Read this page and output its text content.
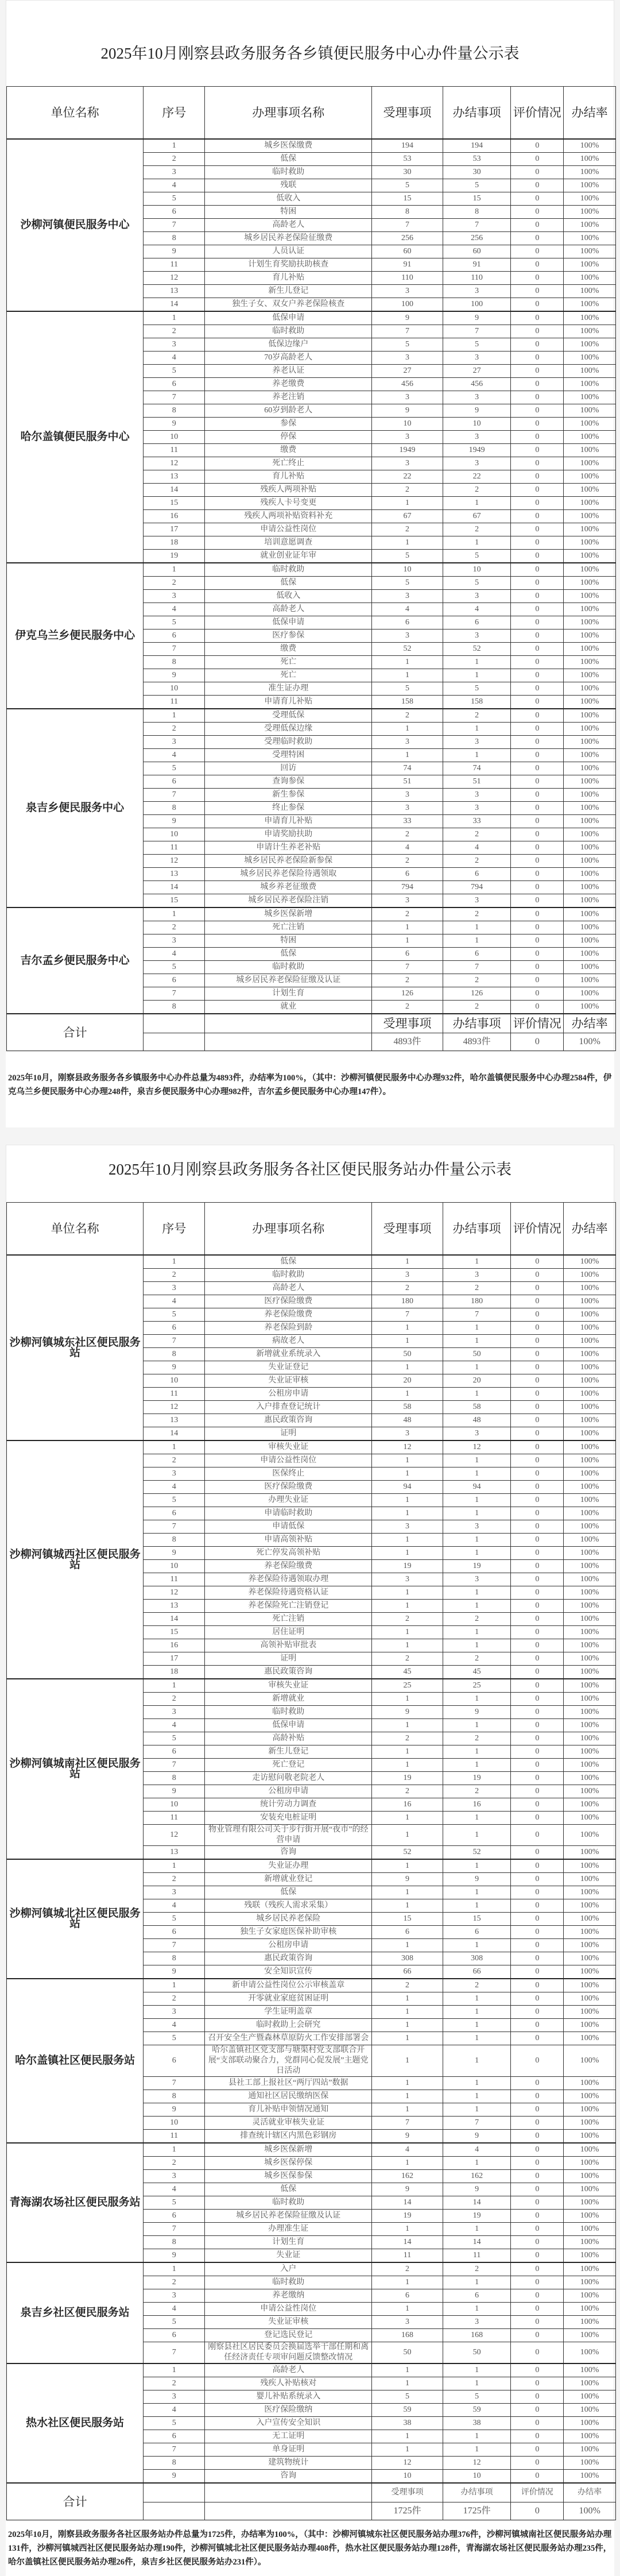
2025年10月刚察县政务服务各乡镇便民服务中心办件量公示表
单位名称	序号	办理事项名称	受理事项	办结事项	评价情况	办结率
沙柳河镇便民服务中心	1	城乡医保缴费	194	194	0	100%
	2	低保	53	53	0	100%
	3	临时救助	30	30	0	100%
	4	残联	5	5	0	100%
	5	低收入	15	15	0	100%
	6	特困	8	8	0	100%
	7	高龄老人	7	7	0	100%
	8	城乡居民养老保险征缴费	256	256	0	100%
	9	人员认证	60	60	0	100%
	11	计划生育奖励扶助核查	91	91	0	100%
	12	育儿补贴	110	110	0	100%
	13	新生儿登记	3	3	0	100%
	14	独生子女、双女户养老保险核查	100	100	0	100%
哈尔盖镇便民服务中心	1	低保申请	9	9	0	100%
	2	临时救助	7	7	0	100%
	3	低保边缘户	5	5	0	100%
	4	70岁高龄老人	3	3	0	100%
	5	养老认证	27	27	0	100%
	6	养老缴费	456	456	0	100%
	7	养老注销	3	3	0	100%
	8	60岁到龄老人	9	9	0	100%
	9	参保	10	10	0	100%
	10	停保	3	3	0	100%
	11	缴费	1949	1949	0	100%
	12	死亡终止	3	3	0	100%
	13	育儿补贴	22	22	0	100%
	14	残疾人两项补贴	2	2	0	100%
	15	残疾人卡号变更	1	1	0	100%
	16	残疾人两项补贴资料补充	67	67	0	100%
	17	申请公益性岗位	2	2	0	100%
	18	培训意愿调查	1	1	0	100%
	19	就业创业证年审	5	5	0	100%
伊克乌兰乡便民服务中心	1	临时救助	10	10	0	100%
	2	低保	5	5	0	100%
	3	低收入	3	3	0	100%
	4	高龄老人	4	4	0	100%
	5	低保申请	6	6	0	100%
	6	医疗参保	3	3	0	100%
	7	缴费	52	52	0	100%
	8	死亡	1	1	0	100%
	9	死亡	1	1	0	100%
	10	准生证办理	5	5	0	100%
	11	申请育儿补贴	158	158	0	100%
泉吉乡便民服务中心	1	受理低保	2	2	0	100%
	2	受理低保边缘	1	1	0	100%
	3	受理临时救助	3	3	0	100%
	4	受理特困	1	1	0	100%
	5	回访	74	74	0	100%
	6	查询参保	51	51	0	100%
	7	新生参保	3	3	0	100%
	8	终止参保	3	3	0	100%
	9	申请育儿补贴	33	33	0	100%
	10	申请奖励扶助	2	2	0	100%
	11	申请计生养老补贴	4	4	0	100%
	12	城乡居民养老保险新参保	2	2	0	100%
	13	城乡居民养老保险待遇领取	6	6	0	100%
	14	城乡养老征缴费	794	794	0	100%
	15	城乡居民养老保险注销	3	3	0	100%
吉尔孟乡便民服务中心	1	城乡医保新增	2	2	0	100%
	2	死亡注销	1	1	0	100%
	3	特困	1	1	0	100%
	4	低保	6	6	0	100%
	5	临时救助	7	7	0	100%
	6	城乡居民养老保险征缴及认证	2	2	0	100%
	7	计划生育	126	126	0	100%
	8	就业	2	2	0	100%
合计			受理事项	办结事项	评价情况	办结率
			4893件	4893件	0	100%
2025年10月，刚察县政务服务各乡镇服务中心办件总量为4893件，办结率为100%，（其中：沙柳河镇便民服务中心办理932件，哈尔盖镇便民服务中心办理2584件，伊克乌兰乡便民服务中心办理248件，泉吉乡便民服务中心办理982件，吉尔孟乡便民服务中心办理147件）。
2025年10月刚察县政务服务各社区便民服务站办件量公示表
单位名称	序号	办理事项名称	受理事项	办结事项	评价情况	办结率
沙柳河镇城东社区便民服务站	1	低保	1	1	0	100%
	2	临时救助	3	3	0	100%
	3	高龄老人	2	2	0	100%
	4	医疗保险缴费	180	180	0	100%
	5	养老保险缴费	7	7	0	100%
	6	养老保险到龄	1	1	0	100%
	7	病故老人	1	1	0	100%
	8	新增就业系统录入	50	50	0	100%
	9	失业证登记	1	1	0	100%
	10	失业证审核	20	20	0	100%
	11	公租房申请	1	1	0	100%
	12	入户排查登记统计	58	58	0	100%
	13	惠民政策咨询	48	48	0	100%
	14	证明	3	3	0	100%
沙柳河镇城西社区便民服务站	1	审核失业证	12	12	0	100%
	2	申请公益性岗位	1	1	0	100%
	3	医保终止	1	1	0	100%
	4	医疗保险缴费	94	94	0	100%
	5	办理失业证	1	1	0	100%
	6	申请临时救助	1	1	0	100%
	7	申请低保	3	3	0	100%
	8	申请高领补贴	1	1	0	100%
	9	死亡停发高领补贴	1	1	0	100%
	10	养老保险缴费	19	19	0	100%
	11	养老保险待遇领取办理	3	3	0	100%
	12	养老保险待遇资格认证	1	1	0	100%
	13	养老保险死亡注销登记	1	1	0	100%
	14	死亡注销	2	2	0	100%
	15	居住证明	1	1	0	100%
	16	高领补贴审批表	1	1	0	100%
	17	证明	2	2	0	100%
	18	惠民政策咨询	45	45	0	100%
沙柳河镇城南社区便民服务站	1	审核失业证	25	25	0	100%
	2	新增就业	1	1	0	100%
	3	临时救助	9	9	0	100%
	4	低保申请	1	1	0	100%
	5	高龄补贴	2	2	0	100%
	6	新生儿登记	1	1	0	100%
	7	死亡登记	1	1	0	100%
	8	走访慰问敬老院老人	19	19	0	100%
	9	公租房申请	2	2	0	100%
	10	统计劳动力调查	16	16	0	100%
	11	安装充电桩证明	1	1	0	100%
	12	物业管理有限公司关于步行街开展“夜市”的经营申请	1	1	0	100%
	13	咨询	52	52	0	100%
沙柳河镇城北社区便民服务站	1	失业证办理	1	1	0	100%
	2	新增就业登记	9	9	0	100%
	3	低保	1	1	0	100%
	4	残联（残疾人需求采集）	1	1	0	100%
	5	城乡居民养老保险	15	15	0	100%
	6	独生子女家庭医保补助审核	6	6	0	100%
	7	公租房申请	1	1	0	100%
	8	惠民政策咨询	308	308	0	100%
	9	安全知识宣传	66	66	0	100%
哈尔盖镇社区便民服务站	1	新申请公益性岗位公示审核盖章	2	2	0	100%
	2	开零就业家庭贫困证明	1	1	0	100%
	3	学生证明盖章	1	1	0	100%
	4	临时救助上会研究	1	1	0	100%
	5	召开安全生产暨森林草原防火工作安排部署会	1	1	0	100%
	6	哈尔盖镇社区党支部与塘渠村党支部联合开展“支部联动聚合力，党群同心促发展”主题党日活动	1	1	0	100%
	7	县社工部上报社区“两厅四站”数据	1	1	0	100%
	8	通知社区居民缴纳医保	1	1	0	100%
	9	育儿补贴申领情况通知	1	1	0	100%
	10	灵活就业审核失业证	7	7	0	100%
	11	排查统计辖区内黑色彩钢房	9	9	0	100%
青海湖农场社区便民服务站	1	城乡医保新增	4	4	0	100%
	2	城乡医保停保	1	1	0	100%
	3	城乡医保参保	162	162	0	100%
	4	低保	9	9	0	100%
	5	临时救助	14	14	0	100%
	6	城乡居民养老保险征缴及认证	19	19	0	100%
	7	办理准生证	1	1	0	100%
	8	计划生育	14	14	0	100%
	9	失业证	11	11	0	100%
泉吉乡社区便民服务站	1	入户	2	2	0	100%
	2	临时救助	1	1	0	100%
	3	养老缴纳	6	6	0	100%
	4	申请公益性岗位	1	1	0	100%
	5	失业证审核	3	3	0	100%
	6	登记选民登记	168	168	0	100%
	7	刚察县社区居民委员会换届选举干部任期和离任经济责任专项审问题反馈整改情况	50	50	0	100%
热水社区便民服务站	1	高龄老人	1	1	0	100%
	2	残疾人补贴核对	1	1	0	100%
	3	婴儿补贴系统录入	5	5	0	100%
	4	医疗保险缴纳	59	59	0	100%
	5	入户宣传安全知识	38	38	0	100%
	6	无工证明	1	1	0	100%
	7	单身证明	1	1	0	100%
	8	建筑物统计	12	12	0	100%
	9	咨询	10	10	0	100%
合计			受理事项	办结事项	评价情况	办结率
			1725件	1725件	0	100%
2025年10月，刚察县政务服务各社区服务站办件总量为1725件，办结率为100%，（其中：沙柳河镇城东社区便民服务站办理376件，沙柳河镇城南社区便民服务站办理131件，沙柳河镇城西社区便民服务站办理190件，沙柳河镇城北社区便民服务站办理408件，热水社区便民服务站办理128件，青海湖农场社区便民服务站办理235件，哈尔盖镇社区便民服务站办理26件，泉吉乡社区便民服务站办231件）。
